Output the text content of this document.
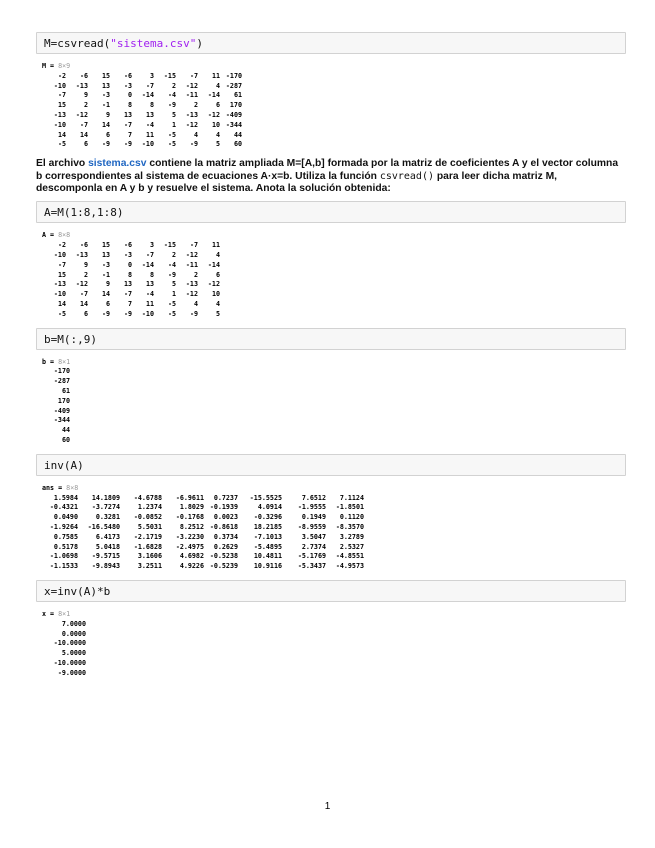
M=csvread("sistema.csv")
M = 8×9
-2	-6	15	-6	3	-15	-7	11	-170
-10	-13	13	-3	-7	2	-12	4	-287
-7	9	-3	0	-14	-4	-11	-14	61
15	2	-1	8	8	-9	2	6	170
-13	-12	9	13	13	5	-13	-12	-409
-10	-7	14	-7	-4	1	-12	10	-344
14	14	6	7	11	-5	4	4	44
-5	6	-9	-9	-10	-5	-9	5	60
El archivo sistema.csv contiene la matriz ampliada M=[A,b] formada por la matriz de coeficientes A y el vector columna b correspondientes al sistema de ecuaciones A·x=b. Utiliza la función csvread() para leer dicha matriz M, descomponla en A y b y resuelve el sistema. Anota la solución obtenida:
A=M(1:8,1:8)
A = 8×8
-2	-6	15	-6	3	-15	-7	11
-10	-13	13	-3	-7	2	-12	4
-7	9	-3	0	-14	-4	-11	-14
15	2	-1	8	8	-9	2	6
-13	-12	9	13	13	5	-13	-12
-10	-7	14	-7	-4	1	-12	10
14	14	6	7	11	-5	4	4
-5	6	-9	-9	-10	-5	-9	5
b=M(:,9)
b = 8×1
-170
-287
61
170
-409
-344
44
60
inv(A)
ans = 8×8
1.5984	14.1809	-4.6788	-6.9611	0.7237	-15.5525	7.6512	7.1124
-0.4321	-3.7274	1.2374	1.8029	-0.1939	4.0914	-1.9555	-1.8501
0.0490	0.3281	-0.0852	-0.1768	0.0023	-0.3296	0.1949	0.1120
-1.9264	-16.5480	5.5031	8.2512	-0.8618	18.2185	-8.9559	-8.3570
0.7585	6.4173	-2.1719	-3.2230	0.3734	-7.1013	3.5047	3.2789
0.5178	5.0418	-1.6828	-2.4975	0.2629	-5.4895	2.7374	2.5327
-1.0698	-9.5715	3.1606	4.6982	-0.5238	10.4811	-5.1769	-4.8551
-1.1533	-9.8943	3.2511	4.9226	-0.5239	10.9116	-5.3437	-4.9573
x=inv(A)*b
x = 8×1
7.0000
0.0000
-10.0000
5.0000
-10.0000
-9.0000
1
